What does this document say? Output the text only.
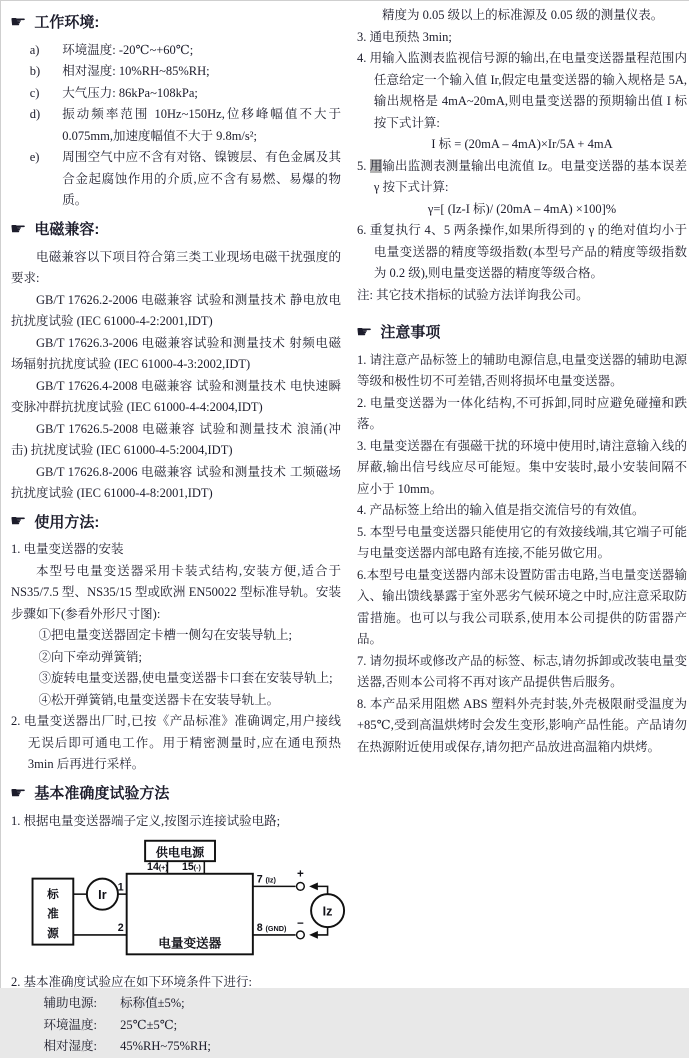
☛ 工作环境:
a)	环境温度: -20℃~+60℃;
b)	相对湿度: 10%RH~85%RH;
c)	大气压力: 86kPa~108kPa;
d)	振动频率范围 10Hz~150Hz,位移峰幅值不大于 0.075mm,加速度幅值不大于 9.8m/s²;
e)	周围空气中应不含有对铬、镍镀层、有色金属及其合金起腐蚀作用的介质,应不含有易燃、易爆的物质。
☛ 电磁兼容:

电磁兼容以下项目符合第三类工业现场电磁干扰强度的要求:

GB/T 17626.2-2006 电磁兼容 试验和测量技术 静电放电抗扰度试验 (IEC 61000-4-2:2001,IDT)

GB/T 17626.3-2006 电磁兼容试验和测量技术 射频电磁场辐射抗扰度试验 (IEC 61000-4-3:2002,IDT)

GB/T 17626.4-2008 电磁兼容 试验和测量技术 电快速瞬变脉冲群抗扰度试验 (IEC 61000-4-4:2004,IDT)

GB/T 17626.5-2008 电磁兼容 试验和测量技术 浪涌(冲击) 抗扰度试验 (IEC 61000-4-5:2004,IDT)

GB/T 17626.8-2006 电磁兼容 试验和测量技术 工频磁场抗扰度试验 (IEC 61000-4-8:2001,IDT)

☛ 使用方法:

1. 电量变送器的安装

本型号电量变送器采用卡装式结构,安装方便,适合于 NS35/7.5 型、NS35/15 型或欧洲 EN50022 型标准导轨。安装步骤如下(参看外形尺寸图):

①把电量变送器固定卡槽一侧勾在安装导轨上;
②向下牵动弹簧销;
③旋转电量变送器,使电量变送器卡口套在安装导轨上;
④松开弹簧销,电量变送器卡在安装导轨上。

2. 电量变送器出厂时,已按《产品标准》准确调定,用户接线无误后即可通电工作。用于精密测量时,应在通电预热 3min 后再进行采样。

☛ 基本准确度试验方法

1. 根据电量变送器端子定义,按图示连接试验电路;

供电电源
14 (+) 15 (-)
电量变送器
标
准
源
Ir
1
2
7 (Iz) +
8 (GND) −
Iz

2. 基本准确度试验应在如下环境条件下进行:

辅助电源: 标称值±5%;
环境温度: 25℃±5℃;
相对湿度: 45%RH~75%RH;

精度为 0.05 级以上的标准源及 0.05 级的测量仪表。

3. 通电预热 3min;

4. 用输入监测表监视信号源的输出,在电量变送器量程范围内任意给定一个输入值 Ir,假定电量变送器的输入规格是 5A,输出规格是 4mA~20mA,则电量变送器的预期输出值 I 标按下式计算:

I 标 = (20mA – 4mA)×Ir/5A + 4mA

5. 用输出监测表测量输出电流值 Iz。电量变送器的基本误差 γ 按下式计算:

γ=[ (Iz-I 标)/ (20mA – 4mA) ×100]%

6. 重复执行 4、5 两条操作,如果所得到的 γ 的绝对值均小于电量变送器的精度等级指数(本型号产品的精度等级指数为 0.2 级),则电量变送器的精度等级合格。

注: 其它技术指标的试验方法详询我公司。

☛ 注意事项

1. 请注意产品标签上的辅助电源信息,电量变送器的辅助电源等级和极性切不可差错,否则将损坏电量变送器。

2. 电量变送器为一体化结构,不可拆卸,同时应避免碰撞和跌落。

3. 电量变送器在有强磁干扰的环境中使用时,请注意输入线的屏蔽,输出信号线应尽可能短。集中安装时,最小安装间隔不应小于 10mm。

4. 产品标签上给出的输入值是指交流信号的有效值。

5. 本型号电量变送器只能使用它的有效接线端,其它端子可能与电量变送器内部电路有连接,不能另做它用。

6.本型号电量变送器内部未设置防雷击电路,当电量变送器输入、输出馈线暴露于室外恶劣气候环境之中时,应注意采取防雷措施。也可以与我公司联系,使用本公司提供的防雷器产品。

7. 请勿损坏或修改产品的标签、标志,请勿拆卸或改装电量变送器,否则本公司将不再对该产品提供售后服务。

8. 本产品采用阻燃 ABS 塑料外壳封装,外壳极限耐受温度为+85℃,受到高温烘烤时会发生变形,影响产品性能。产品请勿在热源附近使用或保存,请勿把产品放进高温箱内烘烤。
